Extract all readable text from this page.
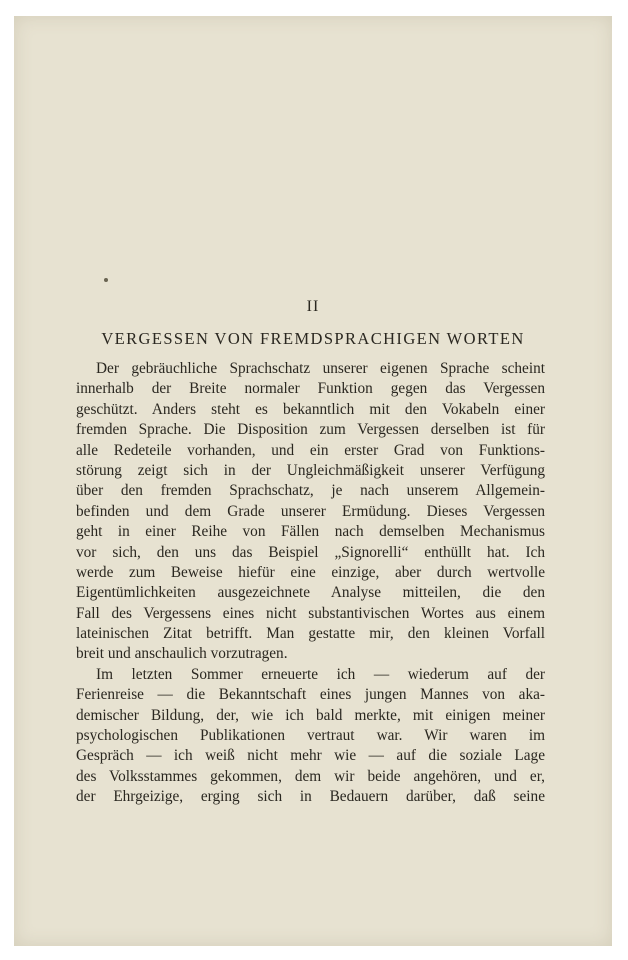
II
VERGESSEN VON FREMDSPRACHIGEN WORTEN
Der gebräuchliche Sprachschatz unserer eigenen Sprache scheint
innerhalb der Breite normaler Funktion gegen das Vergessen
geschützt. Anders steht es bekanntlich mit den Vokabeln einer
fremden Sprache. Die Disposition zum Vergessen derselben ist für
alle Redeteile vorhanden, und ein erster Grad von Funktions-
störung zeigt sich in der Ungleichmäßigkeit unserer Verfügung
über den fremden Sprachschatz, je nach unserem Allgemein-
befinden und dem Grade unserer Ermüdung. Dieses Vergessen
geht in einer Reihe von Fällen nach demselben Mechanismus
vor sich, den uns das Beispiel „Signorelli“ enthüllt hat. Ich
werde zum Beweise hiefür eine einzige, aber durch wertvolle
Eigentümlichkeiten ausgezeichnete Analyse mitteilen, die den
Fall des Vergessens eines nicht substantivischen Wortes aus einem
lateinischen Zitat betrifft. Man gestatte mir, den kleinen Vorfall
breit und anschaulich vorzutragen.
Im letzten Sommer erneuerte ich — wiederum auf der
Ferienreise — die Bekanntschaft eines jungen Mannes von aka-
demischer Bildung, der, wie ich bald merkte, mit einigen meiner
psychologischen Publikationen vertraut war. Wir waren im
Gespräch — ich weiß nicht mehr wie — auf die soziale Lage
des Volksstammes gekommen, dem wir beide angehören, und er,
der Ehrgeizige, erging sich in Bedauern darüber, daß seine
